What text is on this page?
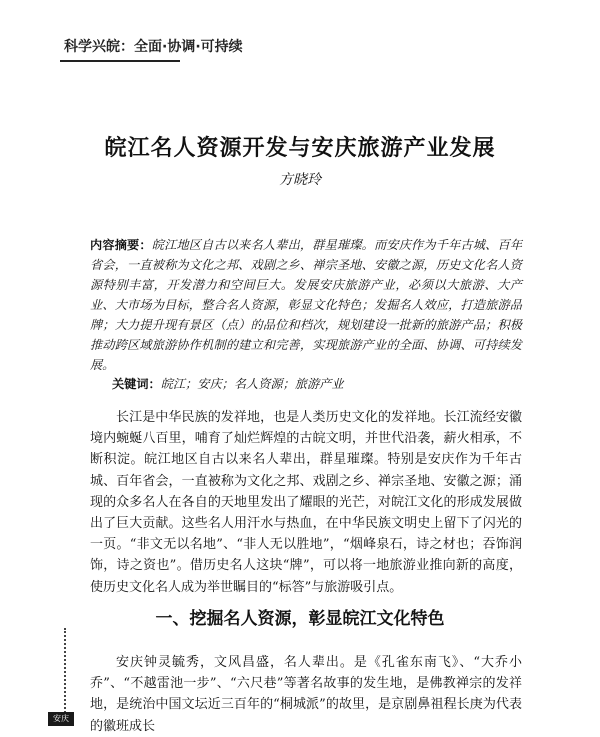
科学兴皖：全面·协调·可持续
皖江名人资源开发与安庆旅游产业发展
方晓玲

内容摘要：皖江地区自古以来名人辈出，群星璀璨。而安庆作为千年古城、百年省会，一直被称为文化之邦、戏剧之乡、禅宗圣地、安徽之源，历史文化名人资源特别丰富，开发潜力和空间巨大。发展安庆旅游产业，必须以大旅游、大产业、大市场为目标，整合名人资源，彰显文化特色；发掘名人效应，打造旅游品牌；大力提升现有景区（点）的品位和档次，规划建设一批新的旅游产品；积极推动跨区域旅游协作机制的建立和完善，实现旅游产业的全面、协调、可持续发展。

关键词：皖江；安庆；名人资源；旅游产业

长江是中华民族的发祥地，也是人类历史文化的发祥地。长江流经安徽境内蜿蜒八百里，哺育了灿烂辉煌的古皖文明，并世代沿袭，薪火相承，不断积淀。皖江地区自古以来名人辈出，群星璀璨。特别是安庆作为千年古城、百年省会，一直被称为文化之邦、戏剧之乡、禅宗圣地、安徽之源；涌现的众多名人在各自的天地里发出了耀眼的光芒，对皖江文化的形成发展做出了巨大贡献。这些名人用汗水与热血，在中华民族文明史上留下了闪光的一页。“非文无以名地”、“非人无以胜地”，“烟峰泉石，诗之材也；吞饰润饰，诗之资也”。借历史名人这块“牌”，可以将一地旅游业推向新的高度，使历史文化名人成为举世瞩目的“标答”与旅游吸引点。

一、挖掘名人资源，彰显皖江文化特色

安庆钟灵毓秀，文风昌盛，名人辈出。是《孔雀东南飞》、“大乔小乔”、“不越雷池一步”、“六尺巷”等著名故事的发生地，是佛教禅宗的发祥地，是统治中国文坛近三百年的“桐城派”的故里，是京剧鼻祖程长庚为代表的徽班成长

安庆
